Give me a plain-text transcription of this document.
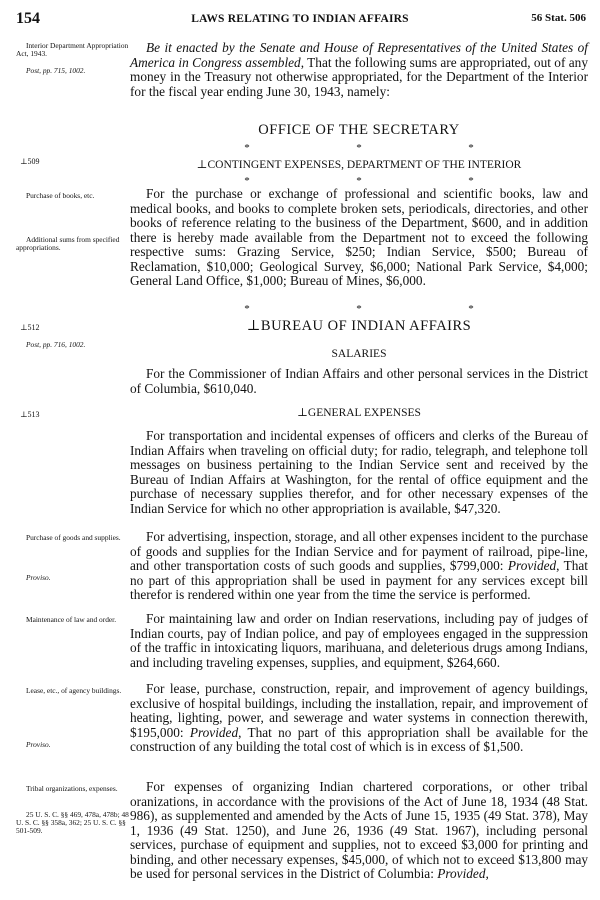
154	LAWS RELATING TO INDIAN AFFAIRS	56 Stat. 506
Interior Department Appropriation Act, 1943.
Post, pp. 715, 1002.
⊥509
Purchase of books, etc.
Additional sums from specified appropriations.
⊥512
Post, pp. 716, 1002.
⊥513
Purchase of goods and supplies.
Proviso.
Maintenance of law and order.
Lease, etc., of agency buildings.
Proviso.
Tribal organizations, expenses.
25 U. S. C. §§ 469, 478a, 478b; 48 U. S. C. §§ 358a, 362; 25 U. S. C. §§ 501-509.
Be it enacted by the Senate and House of Representatives of the United States of America in Congress assembled, That the following sums are appropriated, out of any money in the Treasury not otherwise appropriated, for the Department of the Interior for the fiscal year ending June 30, 1943, namely:
OFFICE OF THE SECRETARY
*	*	*
⊥CONTINGENT EXPENSES, DEPARTMENT OF THE INTERIOR
*	*	*
For the purchase or exchange of professional and scientific books, law and medical books, and books to complete broken sets, periodicals, directories, and other books of reference relating to the business of the Department, $600, and in addition there is hereby made available from the Department not to exceed the following respective sums: Grazing Service, $250; Indian Service, $500; Bureau of Reclamation, $10,000; Geological Survey, $6,000; National Park Service, $4,000; General Land Office, $1,000; Bureau of Mines, $6,000.
*	*	*
⊥BUREAU OF INDIAN AFFAIRS
SALARIES
For the Commissioner of Indian Affairs and other personal services in the District of Columbia, $610,040.
⊥GENERAL EXPENSES
For transportation and incidental expenses of officers and clerks of the Bureau of Indian Affairs when traveling on official duty; for radio, telegraph, and telephone toll messages on business pertaining to the Indian Service sent and received by the Bureau of Indian Affairs at Washington, for the rental of office equipment and the purchase of necessary supplies therefor, and for other necessary expenses of the Indian Service for which no other appropriation is available, $47,320.
For advertising, inspection, storage, and all other expenses incident to the purchase of goods and supplies for the Indian Service and for payment of railroad, pipe-line, and other transportation costs of such goods and supplies, $799,000: Provided, That no part of this appropriation shall be used in payment for any services except bill therefor is rendered within one year from the time the service is performed.
For maintaining law and order on Indian reservations, including pay of judges of Indian courts, pay of Indian police, and pay of employees engaged in the suppression of the traffic in intoxicating liquors, marihuana, and deleterious drugs among Indians, and including traveling expenses, supplies, and equipment, $264,660.
For lease, purchase, construction, repair, and improvement of agency buildings, exclusive of hospital buildings, including the installation, repair, and improvement of heating, lighting, power, and sewerage and water systems in connection therewith, $195,000: Provided, That no part of this appropriation shall be available for the construction of any building the total cost of which is in excess of $1,500.
For expenses of organizing Indian chartered corporations, or other tribal oranizations, in accordance with the provisions of the Act of June 18, 1934 (48 Stat. 986), as supplemented and amended by the Acts of June 15, 1935 (49 Stat. 378), May 1, 1936 (49 Stat. 1250), and June 26, 1936 (49 Stat. 1967), including personal services, purchase of equipment and supplies, not to exceed $3,000 for printing and binding, and other necessary expenses, $45,000, of which not to exceed $13,800 may be used for personal services in the District of Columbia: Provided,
